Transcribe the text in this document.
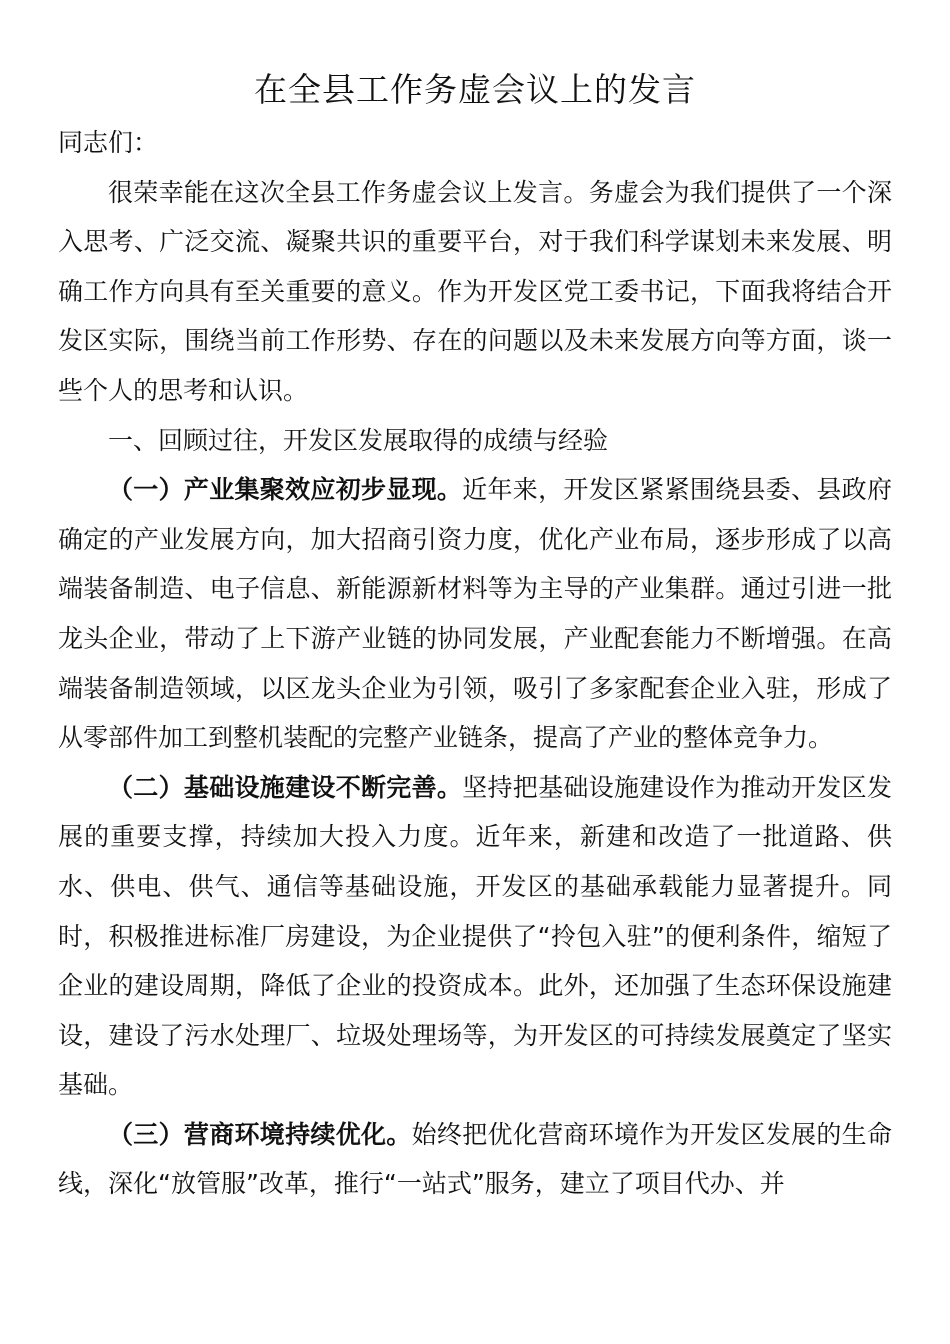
在全县工作务虚会议上的发言

同志们：

很荣幸能在这次全县工作务虚会议上发言。务虚会为我们提供了一个深入思考、广泛交流、凝聚共识的重要平台，对于我们科学谋划未来发展、明确工作方向具有至关重要的意义。作为开发区党工委书记，下面我将结合开发区实际，围绕当前工作形势、存在的问题以及未来发展方向等方面，谈一些个人的思考和认识。

一、回顾过往，开发区发展取得的成绩与经验

（一）产业集聚效应初步显现。近年来，开发区紧紧围绕县委、县政府确定的产业发展方向，加大招商引资力度，优化产业布局，逐步形成了以高端装备制造、电子信息、新能源新材料等为主导的产业集群。通过引进一批龙头企业，带动了上下游产业链的协同发展，产业配套能力不断增强。在高端装备制造领域，以区龙头企业为引领，吸引了多家配套企业入驻，形成了从零部件加工到整机装配的完整产业链条，提高了产业的整体竞争力。

（二）基础设施建设不断完善。坚持把基础设施建设作为推动开发区发展的重要支撑，持续加大投入力度。近年来，新建和改造了一批道路、供水、供电、供气、通信等基础设施，开发区的基础承载能力显著提升。同时，积极推进标准厂房建设，为企业提供了“拎包入驻”的便利条件，缩短了企业的建设周期，降低了企业的投资成本。此外，还加强了生态环保设施建设，建设了污水处理厂、垃圾处理场等，为开发区的可持续发展奠定了坚实基础。

（三）营商环境持续优化。始终把优化营商环境作为开发区发展的生命线，深化“放管服”改革，推行“一站式”服务，建立了项目代办、并
